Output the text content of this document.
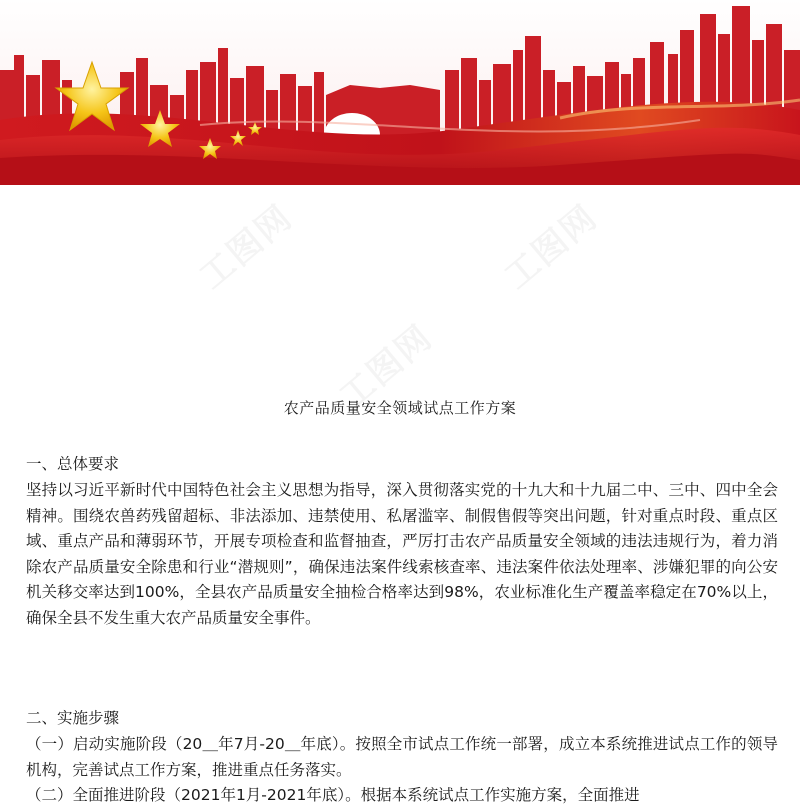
农产品质量安全领域试点工作方案
一、总体要求

坚持以习近平新时代中国特色社会主义思想为指导，深入贯彻落实党的十九大和十九届二中、三中、四中全会精神。围绕农兽药残留超标、非法添加、违禁使用、私屠滥宰、制假售假等突出问题，针对重点时段、重点区域、重点产品和薄弱环节，开展专项检查和监督抽查，严厉打击农产品质量安全领域的违法违规行为，着力消除农产品质量安全除患和行业“潜规则”，确保违法案件线索核查率、违法案件依法处理率、涉嫌犯罪的向公安机关移交率达到100%，全县农产品质量安全抽检合格率达到98%，农业标准化生产覆盖率稳定在70%以上，确保全县不发生重大农产品质量安全事件。

二、实施步骤

（一）启动实施阶段（20＿年7月-20＿年底）。按照全市试点工作统一部署，成立本系统推进试点工作的领导机构，完善试点工作方案，推进重点任务落实。

（二）全面推进阶段（2021年1月-2021年底）。根据本系统试点工作实施方案，全面推进
